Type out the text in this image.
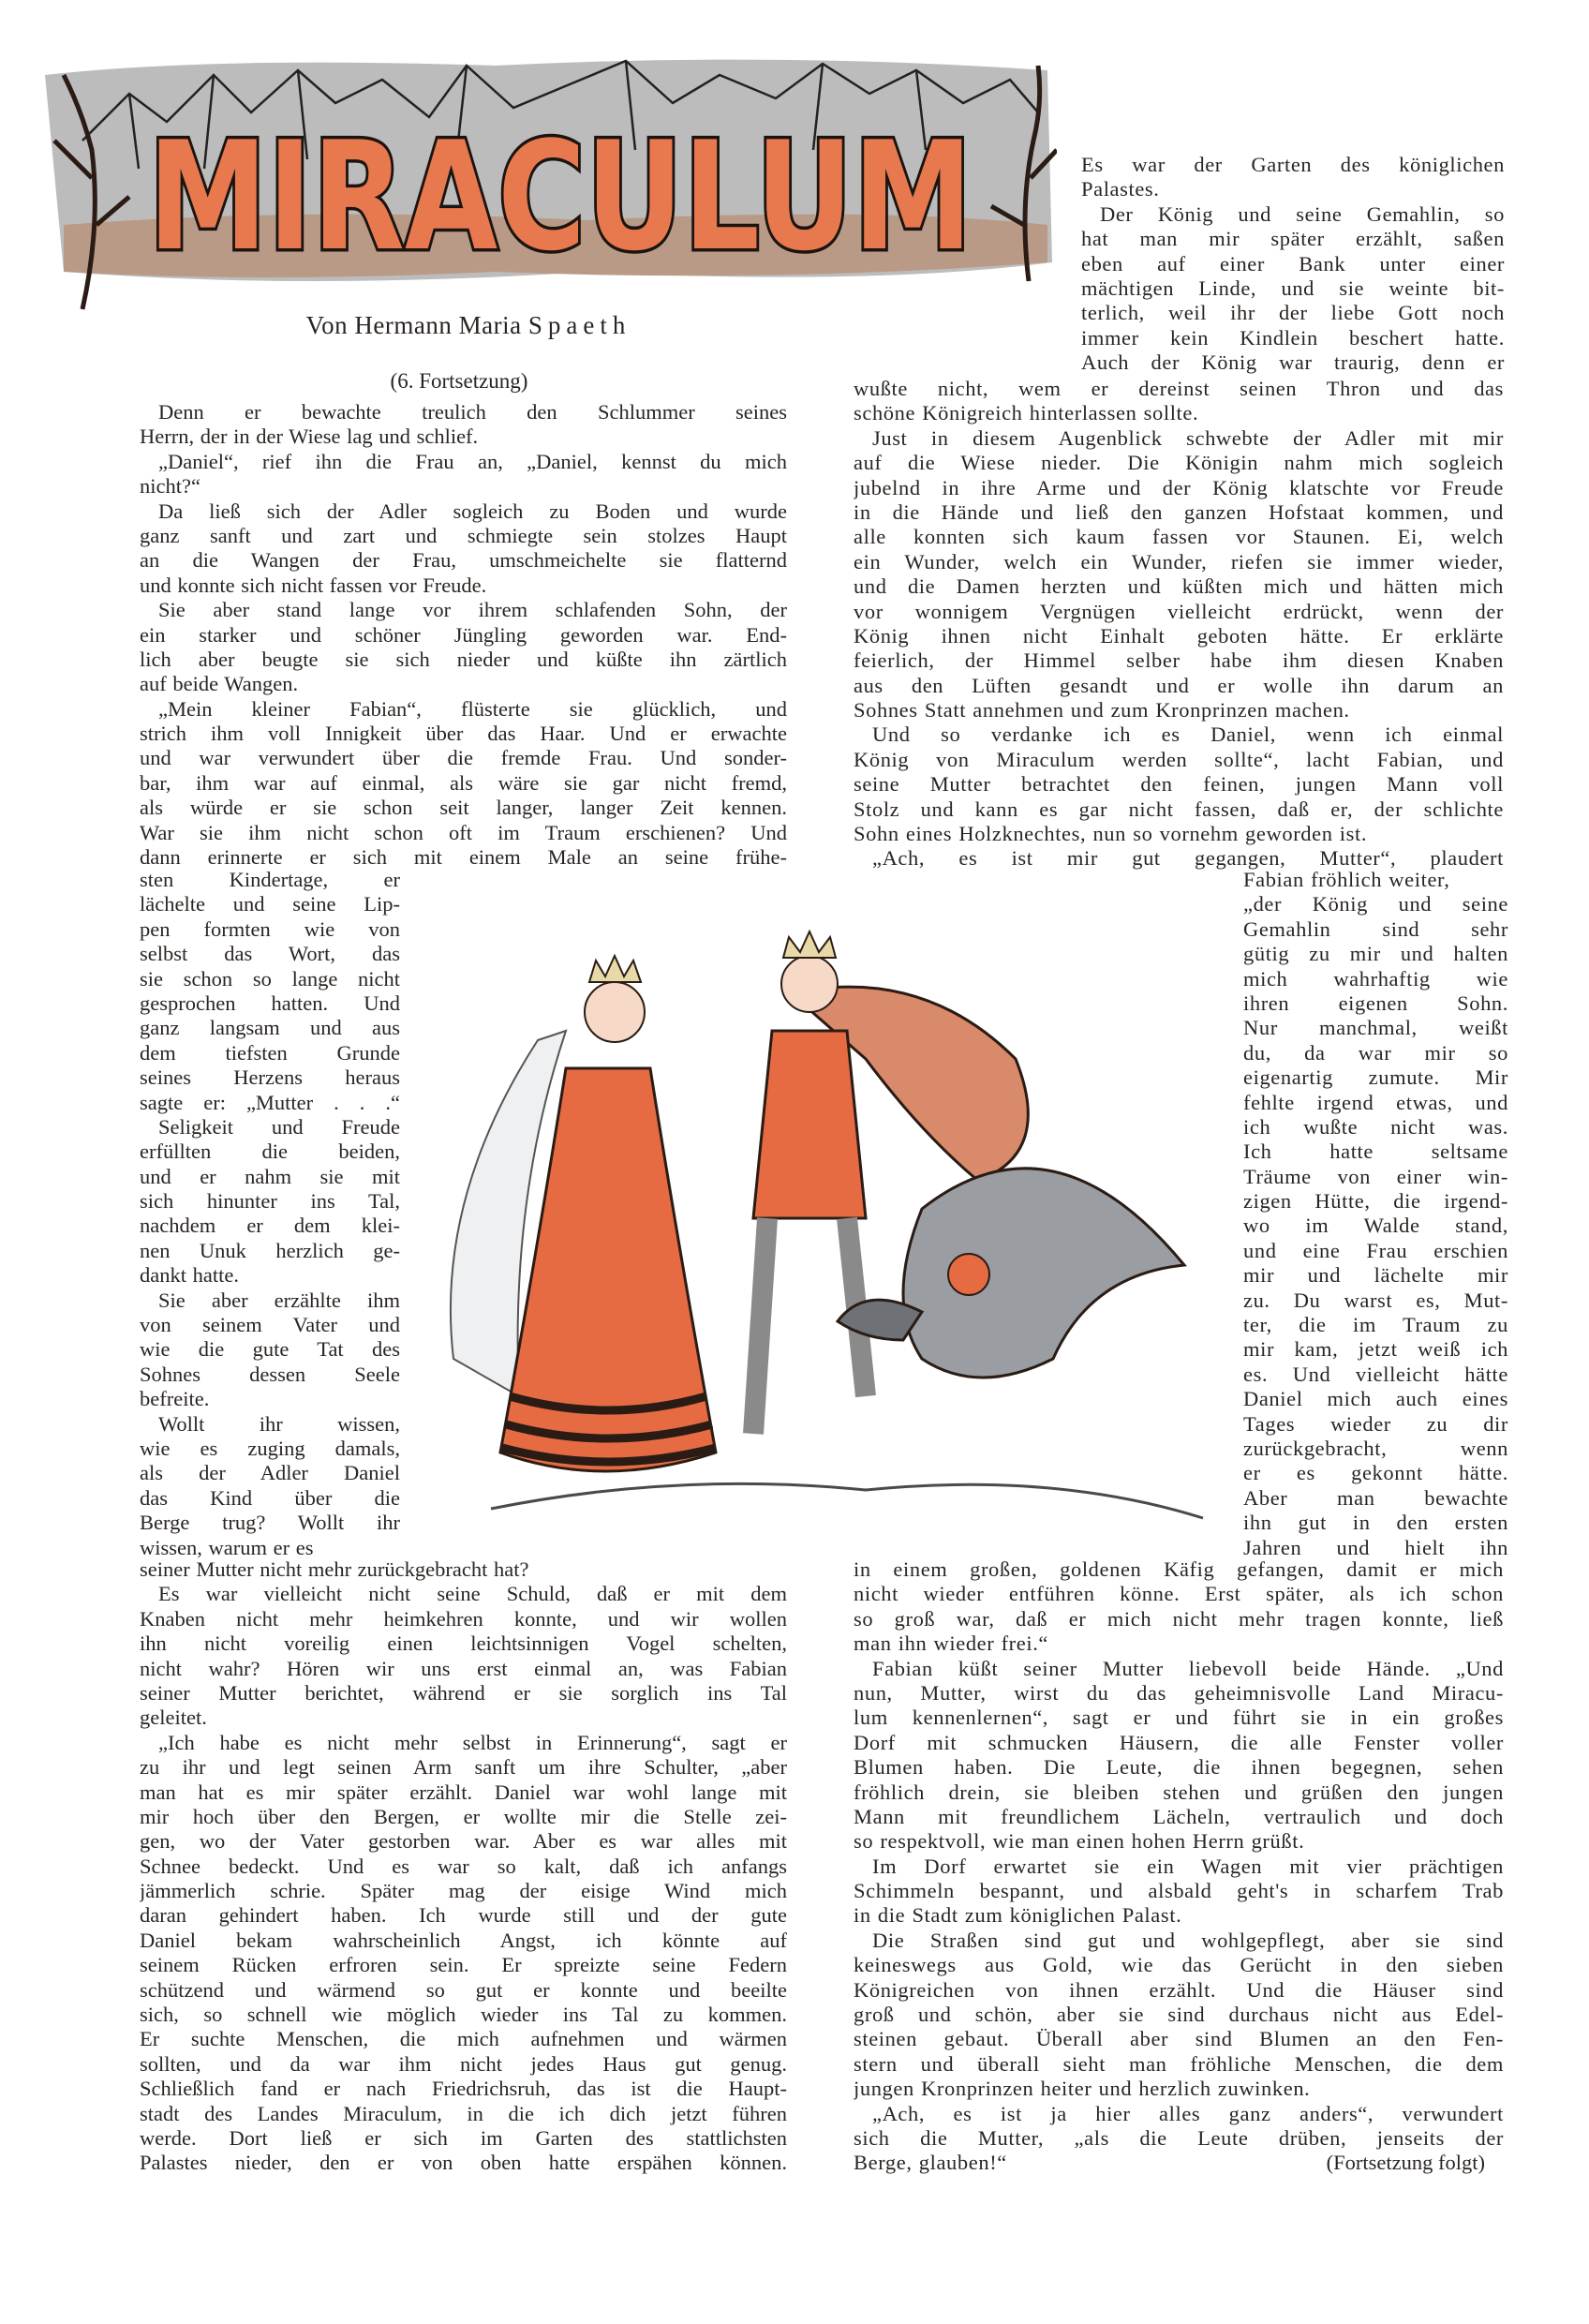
MIRACULUM
Von Hermann Maria Spaeth
(6. Fortsetzung)
Denn er bewachte treulich den Schlummer seines
Herrn, der in der Wiese lag und schlief.
„Daniel“, rief ihn die Frau an, „Daniel, kennst du mich
nicht?“
Da ließ sich der Adler sogleich zu Boden und wurde
ganz sanft und zart und schmiegte sein stolzes Haupt
an die Wangen der Frau, umschmeichelte sie flatternd
und konnte sich nicht fassen vor Freude.
Sie aber stand lange vor ihrem schlafenden Sohn, der
ein starker und schöner Jüngling geworden war. End-
lich aber beugte sie sich nieder und küßte ihn zärtlich
auf beide Wangen.
„Mein kleiner Fabian“, flüsterte sie glücklich, und
strich ihm voll Innigkeit über das Haar. Und er erwachte
und war verwundert über die fremde Frau. Und sonder-
bar, ihm war auf einmal, als wäre sie gar nicht fremd,
als würde er sie schon seit langer, langer Zeit kennen.
War sie ihm nicht schon oft im Traum erschienen? Und
dann erinnerte er sich mit einem Male an seine frühe-
sten Kindertage, er
lächelte und seine Lip-
pen formten wie von
selbst das Wort, das
sie schon so lange nicht
gesprochen hatten. Und
ganz langsam und aus
dem tiefsten Grunde
seines Herzens heraus
sagte er: „Mutter . . .“
Seligkeit und Freude
erfüllten die beiden,
und er nahm sie mit
sich hinunter ins Tal,
nachdem er dem klei-
nen Unuk herzlich ge-
dankt hatte.
Sie aber erzählte ihm
von seinem Vater und
wie die gute Tat des
Sohnes dessen Seele
befreite.
Wollt ihr wissen,
wie es zuging damals,
als der Adler Daniel
das Kind über die
Berge trug? Wollt ihr
wissen, warum er es
seiner Mutter nicht mehr zurückgebracht hat?
Es war vielleicht nicht seine Schuld, daß er mit dem
Knaben nicht mehr heimkehren konnte, und wir wollen
ihn nicht voreilig einen leichtsinnigen Vogel schelten,
nicht wahr? Hören wir uns erst einmal an, was Fabian
seiner Mutter berichtet, während er sie sorglich ins Tal
geleitet.
„Ich habe es nicht mehr selbst in Erinnerung“, sagt er
zu ihr und legt seinen Arm sanft um ihre Schulter, „aber
man hat es mir später erzählt. Daniel war wohl lange mit
mir hoch über den Bergen, er wollte mir die Stelle zei-
gen, wo der Vater gestorben war. Aber es war alles mit
Schnee bedeckt. Und es war so kalt, daß ich anfangs
jämmerlich schrie. Später mag der eisige Wind mich
daran gehindert haben. Ich wurde still und der gute
Daniel bekam wahrscheinlich Angst, ich könnte auf
seinem Rücken erfroren sein. Er spreizte seine Federn
schützend und wärmend so gut er konnte und beeilte
sich, so schnell wie möglich wieder ins Tal zu kommen.
Er suchte Menschen, die mich aufnehmen und wärmen
sollten, und da war ihm nicht jedes Haus gut genug.
Schließlich fand er nach Friedrichsruh, das ist die Haupt-
stadt des Landes Miraculum, in die ich dich jetzt führen
werde. Dort ließ er sich im Garten des stattlichsten
Palastes nieder, den er von oben hatte erspähen können.
Es war der Garten des königlichen
Palastes.
Der König und seine Gemahlin, so
hat man mir später erzählt, saßen
eben auf einer Bank unter einer
mächtigen Linde, und sie weinte bit-
terlich, weil ihr der liebe Gott noch
immer kein Kindlein beschert hatte.
Auch der König war traurig, denn er
wußte nicht, wem er dereinst seinen Thron und das
schöne Königreich hinterlassen sollte.
Just in diesem Augenblick schwebte der Adler mit mir
auf die Wiese nieder. Die Königin nahm mich sogleich
jubelnd in ihre Arme und der König klatschte vor Freude
in die Hände und ließ den ganzen Hofstaat kommen, und
alle konnten sich kaum fassen vor Staunen. Ei, welch
ein Wunder, welch ein Wunder, riefen sie immer wieder,
und die Damen herzten und küßten mich und hätten mich
vor wonnigem Vergnügen vielleicht erdrückt, wenn der
König ihnen nicht Einhalt geboten hätte. Er erklärte
feierlich, der Himmel selber habe ihm diesen Knaben
aus den Lüften gesandt und er wolle ihn darum an
Sohnes Statt annehmen und zum Kronprinzen machen.
Und so verdanke ich es Daniel, wenn ich einmal
König von Miraculum werden sollte“, lacht Fabian, und
seine Mutter betrachtet den feinen, jungen Mann voll
Stolz und kann es gar nicht fassen, daß er, der schlichte
Sohn eines Holzknechtes, nun so vornehm geworden ist.
„Ach, es ist mir gut gegangen, Mutter“, plaudert
Fabian fröhlich weiter,
„der König und seine
Gemahlin sind sehr
gütig zu mir und halten
mich wahrhaftig wie
ihren eigenen Sohn.
Nur manchmal, weißt
du, da war mir so
eigenartig zumute. Mir
fehlte irgend etwas, und
ich wußte nicht was.
Ich hatte seltsame
Träume von einer win-
zigen Hütte, die irgend-
wo im Walde stand,
und eine Frau erschien
mir und lächelte mir
zu. Du warst es, Mut-
ter, die im Traum zu
mir kam, jetzt weiß ich
es. Und vielleicht hätte
Daniel mich auch eines
Tages wieder zu dir
zurückgebracht, wenn
er es gekonnt hätte.
Aber man bewachte
ihn gut in den ersten
Jahren und hielt ihn
in einem großen, goldenen Käfig gefangen, damit er mich
nicht wieder entführen könne. Erst später, als ich schon
so groß war, daß er mich nicht mehr tragen konnte, ließ
man ihn wieder frei.“
Fabian küßt seiner Mutter liebevoll beide Hände. „Und
nun, Mutter, wirst du das geheimnisvolle Land Miracu-
lum kennenlernen“, sagt er und führt sie in ein großes
Dorf mit schmucken Häusern, die alle Fenster voller
Blumen haben. Die Leute, die ihnen begegnen, sehen
fröhlich drein, sie bleiben stehen und grüßen den jungen
Mann mit freundlichem Lächeln, vertraulich und doch
so respektvoll, wie man einen hohen Herrn grüßt.
Im Dorf erwartet sie ein Wagen mit vier prächtigen
Schimmeln bespannt, und alsbald geht's in scharfem Trab
in die Stadt zum königlichen Palast.
Die Straßen sind gut und wohlgepflegt, aber sie sind
keineswegs aus Gold, wie das Gerücht in den sieben
Königreichen von ihnen erzählt. Und die Häuser sind
groß und schön, aber sie sind durchaus nicht aus Edel-
steinen gebaut. Überall aber sind Blumen an den Fen-
stern und überall sieht man fröhliche Menschen, die dem
jungen Kronprinzen heiter und herzlich zuwinken.
„Ach, es ist ja hier alles ganz anders“, verwundert
sich die Mutter, „als die Leute drüben, jenseits der
Berge, glauben!“	(Fortsetzung folgt)
